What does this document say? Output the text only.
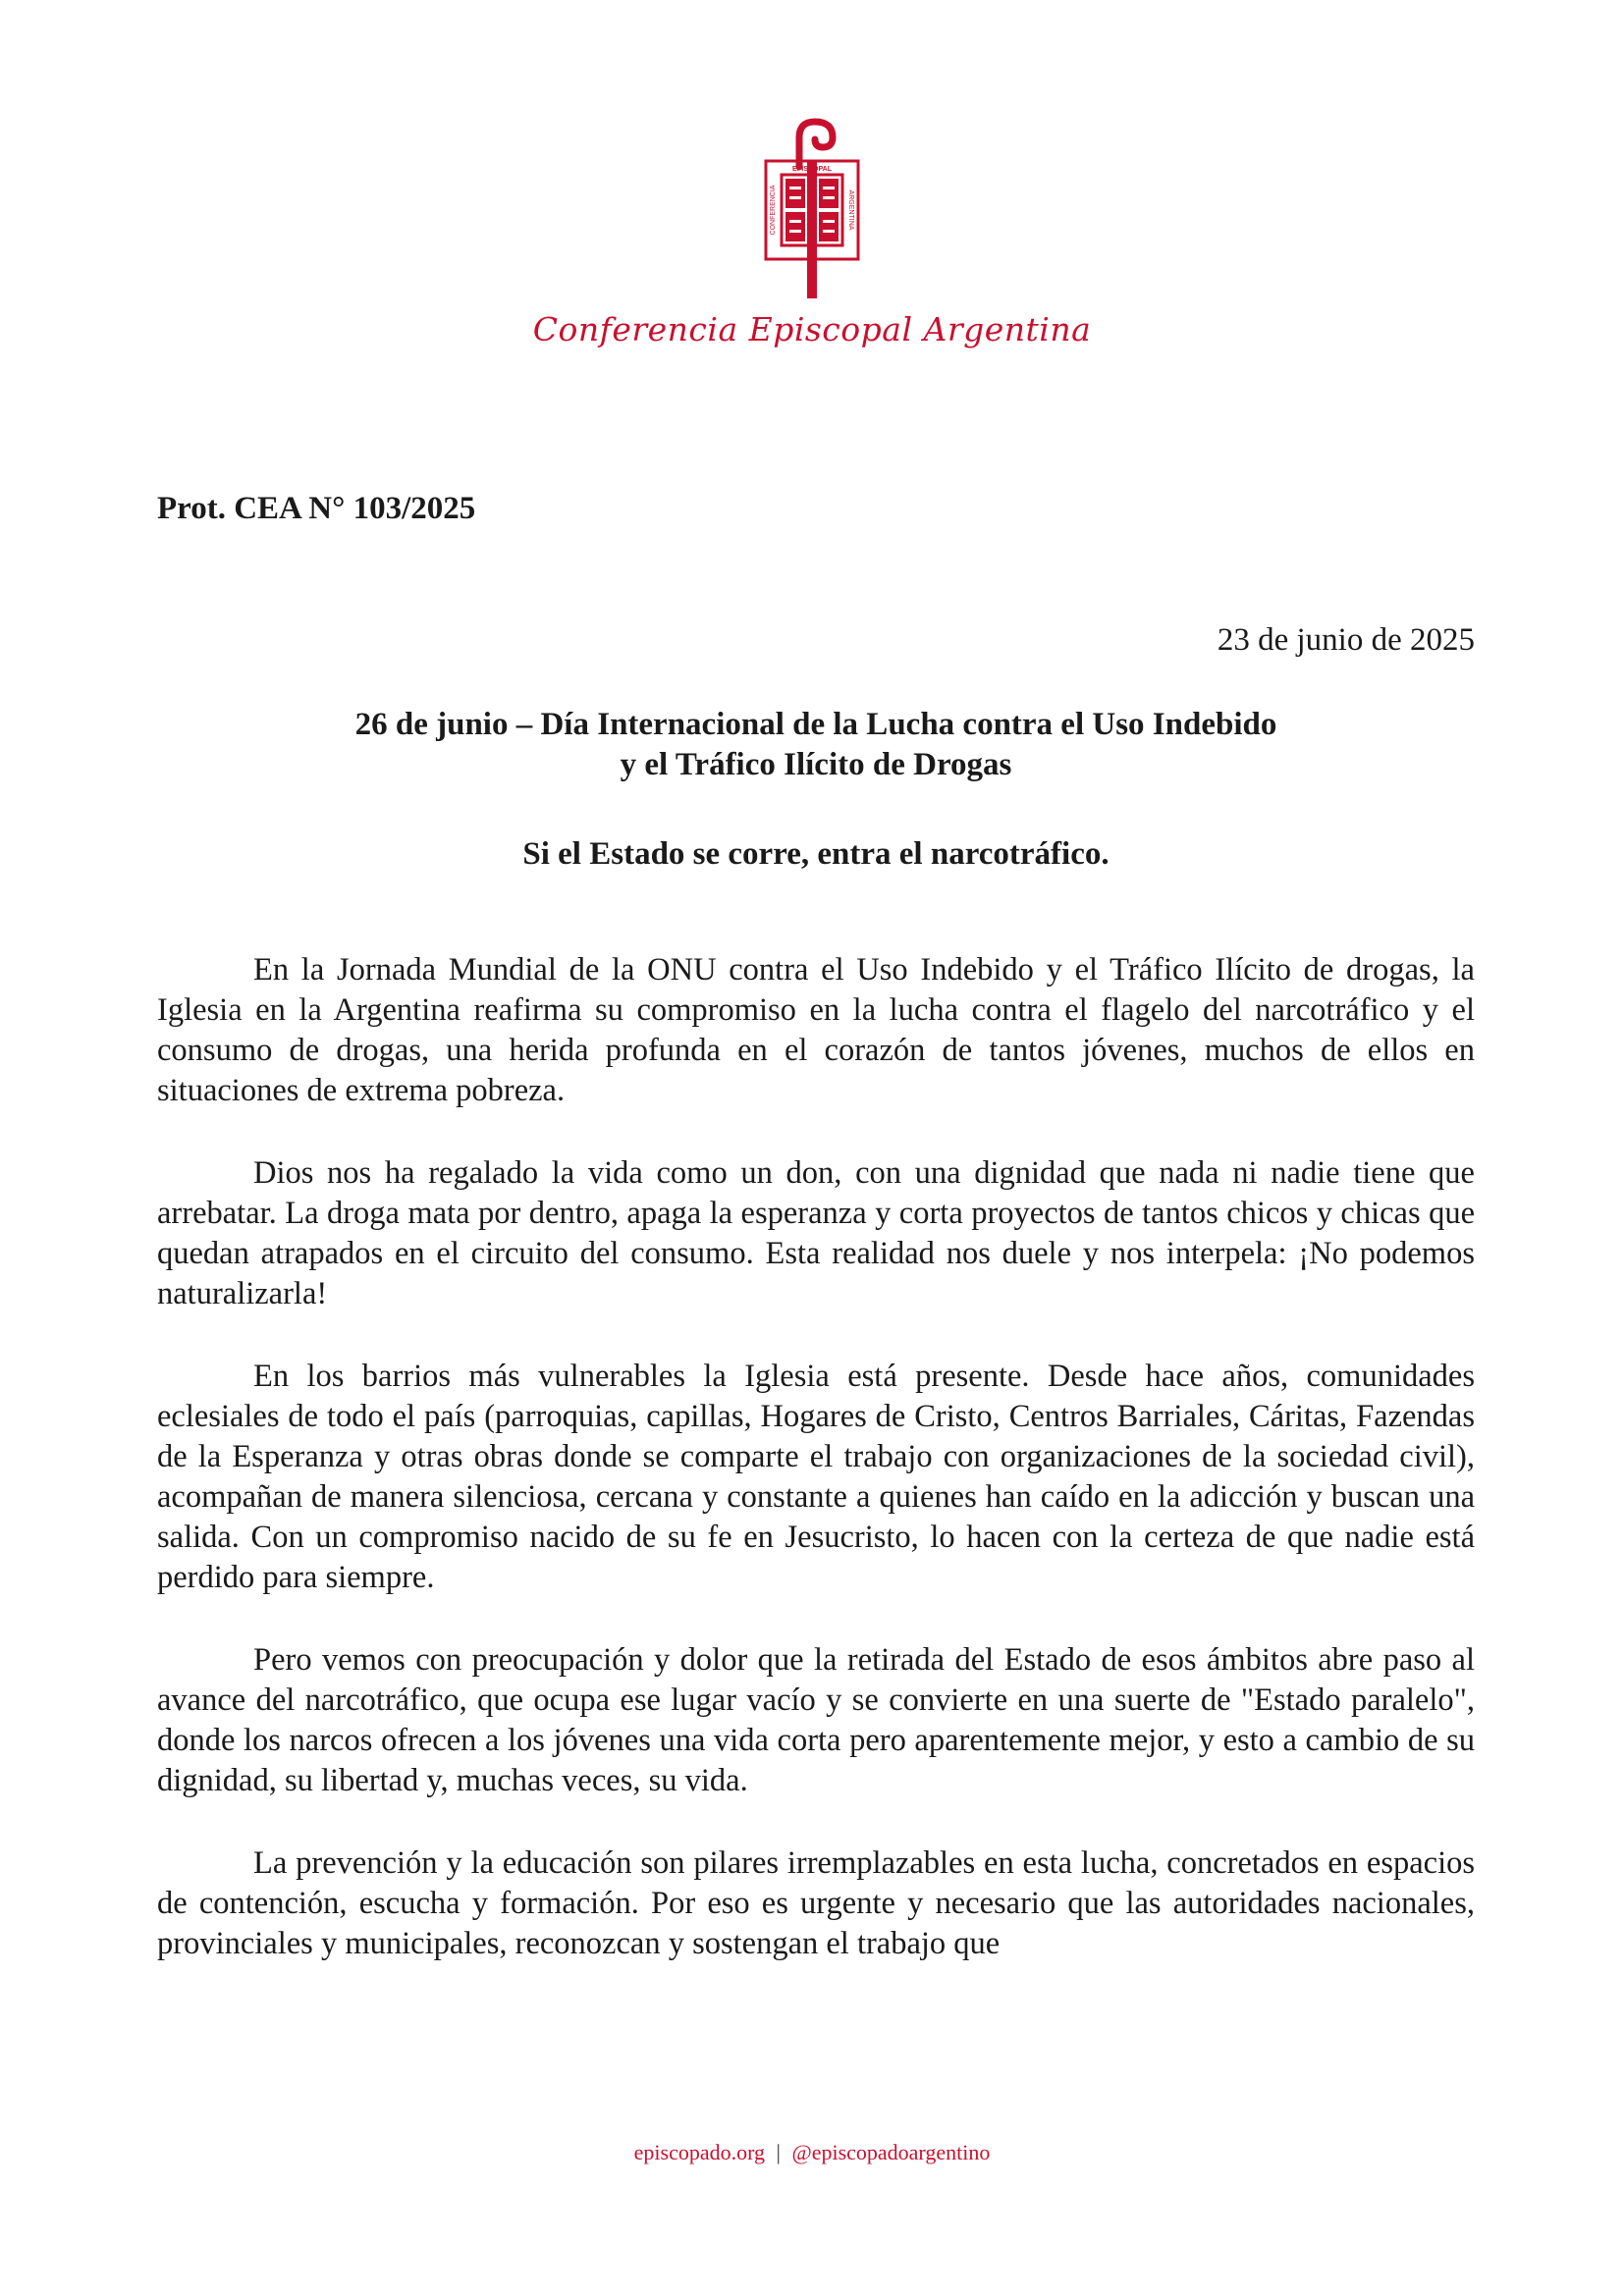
EPISCOPAL
CONFERENCIA	ARGENTINA
Conferencia Episcopal Argentina
Prot. CEA N° 103/2025
23 de junio de 2025
26 de junio – Día Internacional de la Lucha contra el Uso Indebido
y el Tráfico Ilícito de Drogas
Si el Estado se corre, entra el narcotráfico.

En la Jornada Mundial de la ONU contra el Uso Indebido y el Tráfico Ilícito de drogas, la Iglesia en la Argentina reafirma su compromiso en la lucha contra el flagelo del narcotráfico y el consumo de drogas, una herida profunda en el corazón de tantos jóvenes, muchos de ellos en situaciones de extrema pobreza.

Dios nos ha regalado la vida como un don, con una dignidad que nada ni nadie tiene que arrebatar. La droga mata por dentro, apaga la esperanza y corta proyectos de tantos chicos y chicas que quedan atrapados en el circuito del consumo. Esta realidad nos duele y nos interpela: ¡No podemos naturalizarla!

En los barrios más vulnerables la Iglesia está presente. Desde hace años, comunidades eclesiales de todo el país (parroquias, capillas, Hogares de Cristo, Centros Barriales, Cáritas, Fazendas de la Esperanza y otras obras donde se comparte el trabajo con organizaciones de la sociedad civil), acompañan de manera silenciosa, cercana y constante a quienes han caído en la adicción y buscan una salida. Con un compromiso nacido de su fe en Jesucristo, lo hacen con la certeza de que nadie está perdido para siempre.

Pero vemos con preocupación y dolor que la retirada del Estado de esos ámbitos abre paso al avance del narcotráfico, que ocupa ese lugar vacío y se convierte en una suerte de "Estado paralelo", donde los narcos ofrecen a los jóvenes una vida corta pero aparentemente mejor, y esto a cambio de su dignidad, su libertad y, muchas veces, su vida.

La prevención y la educación son pilares irremplazables en esta lucha, concretados en espacios de contención, escucha y formación. Por eso es urgente y necesario que las autoridades nacionales, provinciales y municipales, reconozcan y sostengan el trabajo que

episcopado.org | @episcopadoargentino
